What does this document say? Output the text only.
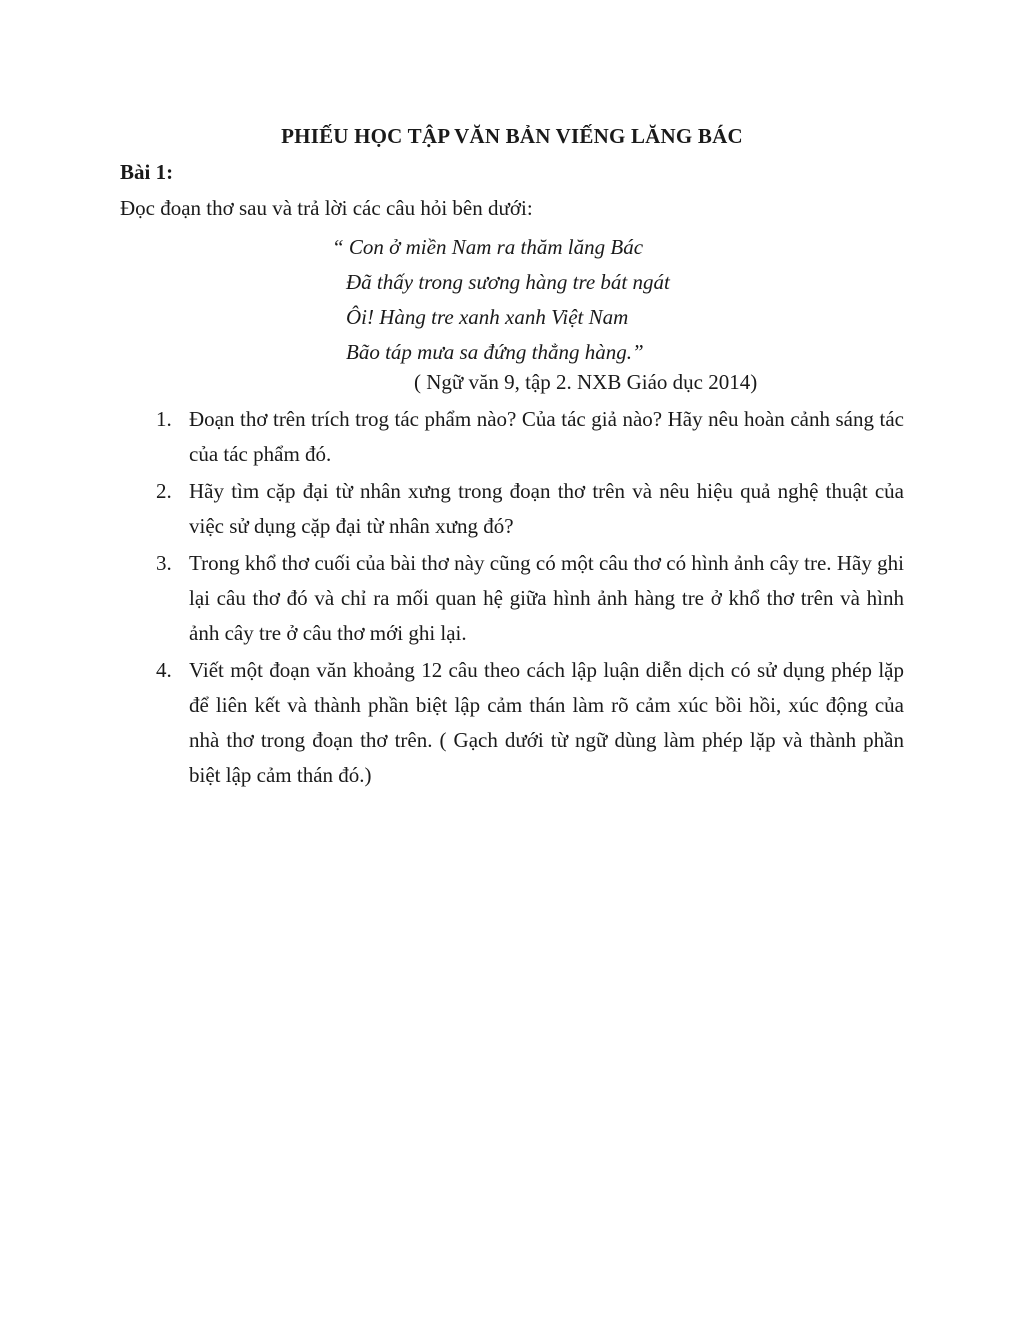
PHIẾU HỌC TẬP VĂN BẢN VIẾNG LĂNG BÁC
Bài 1:
Đọc đoạn thơ sau và trả lời các câu hỏi bên dưới:
“ Con ở miền Nam ra thăm lăng Bác
Đã thấy trong sương hàng tre bát ngát
Ôi! Hàng tre xanh xanh Việt Nam
Bão táp mưa sa đứng thẳng hàng.”
( Ngữ văn 9, tập 2. NXB Giáo dục 2014)
1. Đoạn thơ trên trích trog tác phẩm nào? Của tác giả nào? Hãy nêu hoàn cảnh sáng tác của tác phẩm đó.
2. Hãy tìm cặp đại từ nhân xưng trong đoạn thơ trên và nêu hiệu quả nghệ thuật của việc sử dụng cặp đại từ nhân xưng đó?
3. Trong khổ thơ cuối của bài thơ này cũng có một câu thơ có hình ảnh cây tre. Hãy ghi lại câu thơ đó và chỉ ra mối quan hệ giữa hình ảnh hàng tre ở khổ thơ trên và hình ảnh cây tre ở câu thơ mới ghi lại.
4. Viết một đoạn văn khoảng 12 câu theo cách lập luận diễn dịch có sử dụng phép lặp để liên kết và thành phần biệt lập cảm thán làm rõ cảm xúc bồi hồi, xúc động của nhà thơ trong đoạn thơ trên. ( Gạch dưới từ ngữ dùng làm phép lặp và thành phần biệt lập cảm thán đó.)
